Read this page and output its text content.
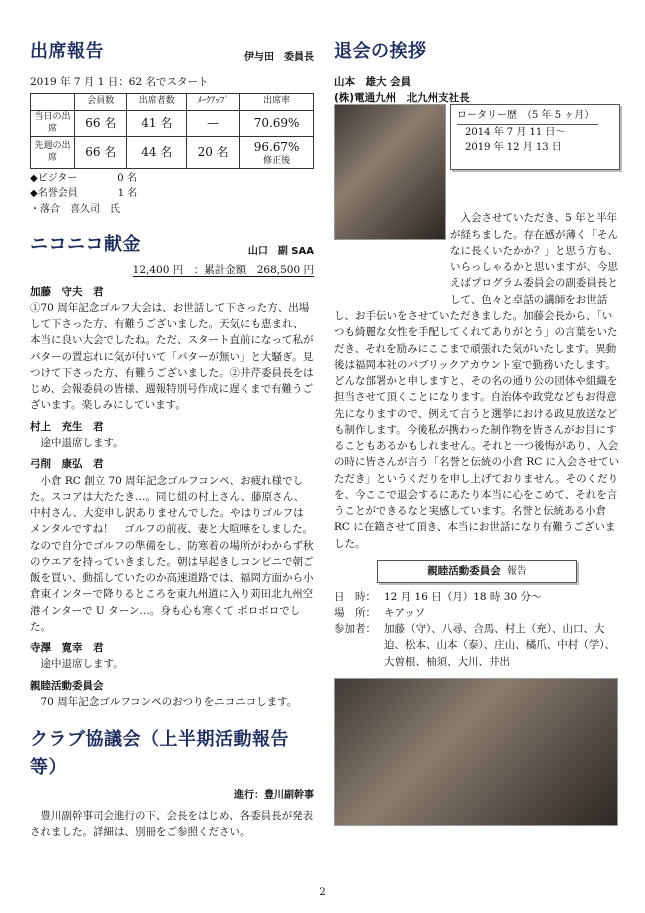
出席報告	伊与田　委員長
2019 年 7 月 1 日：62 名でスタート
	会員数	出席者数	ﾒｰｸｱｯﾌﾟ	出席率
当日の出席	66 名	41 名	—	70.69%
先週の出席	66 名	44 名	20 名	96.67%
修正後
◆ビジター　　　　0 名
◆名誉会員　　　　1 名
・落合　喜久司　氏
ニコニコ献金	山口　副 SAA
12,400 円　：累計金額　268,500 円
加藤　守夫　君

①70 周年記念ゴルフ大会は、お世話して下さった方、出場して下さった方、有難うございました。天気にも恵まれ、本当に良い大会でしたね。ただ、スタート直前になって私がパターの置忘れに気が付いて「パターが無い」と大騒ぎ。見つけて下さった方、有難うございました。②井芹委員長をはじめ、会報委員の皆様、週報特別号作成に遅くまで有難うございます。楽しみにしています。

村上　充生　君

途中退席します。

弓削　康弘　君

小倉 RC 創立 70 周年記念ゴルフコンペ、お疲れ様でした。スコアは大たたき…。同じ組の村上さん、藤原さん、中村さん、大変申し訳ありませんでした。やはりゴルフはメンタルですね！　ゴルフの前夜、妻と大喧嘩をしました。なので自分でゴルフの準備をし、防寒着の場所がわからず秋のウエアを持っていきました。朝は早起きしコンビニで朝ご飯を買い、動揺していたのか高速道路では、福岡方面から小倉東インターで降りるところを東九州道に入り苅田北九州空港インターで U ターン…。身も心も寒くて ボロボロでした。

寺澤　寛幸　君

途中退席します。

親睦活動委員会

70 周年記念ゴルフコンペのおつりをニコニコします。

クラブ協議会（上半期活動報告等）
進行：豊川副幹事

豊川副幹事司会進行の下、会長をはじめ、各委員長が発表されました。詳細は、別冊をご参照ください。

退会の挨拶
山本　雄大 会員
(株)電通九州　北九州支社長
ロータリー歴　（5 年 5 ヶ月）
2014 年 7 月 11 日～
2019 年 12 月 13 日

入会させていただき、5 年と半年が経ちました。存在感が薄く「そんなに長くいたかか？」と思う方も、いらっしゃるかと思いますが、今思えばプログラム委員会の副委員長として、色々と卓話の講師をお世話し、お手伝いをさせていただきました。加藤会長から、「いつも綺麗な女性を手配してくれてありがとう」の言葉をいただき、それを励みにここまで頑張れた気がいたします。異動後は福岡本社のパブリックアカウント室で勤務いたします。どんな部署かと申しますと、その名の通り公の団体や組織を担当させて頂くことになります。自治体や政党などもお得意先になりますので、例えて言うと選挙における政見放送なども制作します。今後私が携わった制作物を皆さんがお目にすることもあるかもしれません。それと一つ後悔があり、入会の時に皆さんが言う「名誉と伝統の小倉 RC に入会させていただき」というくだりを申し上げておりません。そのくだりを、今ここで退会するにあたり本当に心をこめて、それを言うことができるなと実感しています。名誉と伝統ある小倉 RC に在籍させて頂き、本当にお世話になり有難うございました。

親睦活動委員会 報告
日　時： 12 月 16 日（月）18 時 30 分～
場　所： キアッソ
参加者： 加藤（守）、八尋、合馬、村上（充）、山口、大迫、松本、山本（泰）、庄山、橘爪、中村（学）、大曽根、柚須、大川、井出
2
